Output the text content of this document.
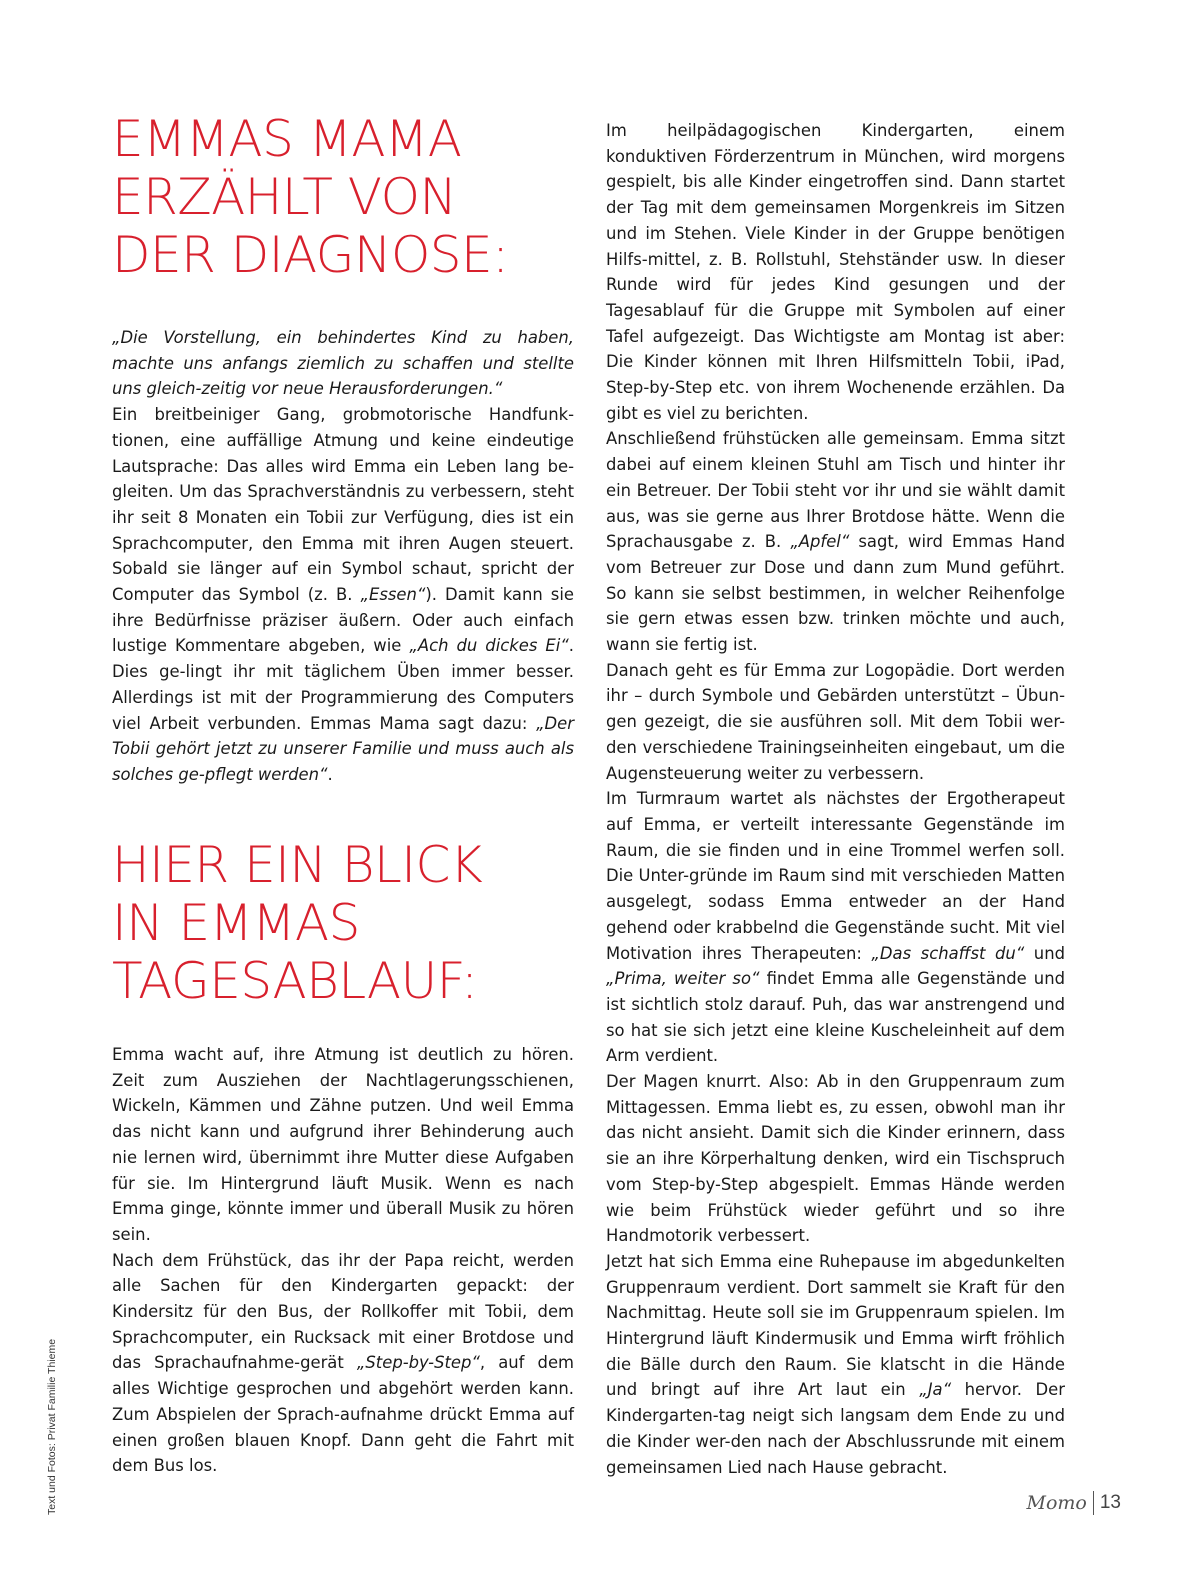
EMMAS MAMA
ERZÄHLT VON
DER DIAGNOSE:

„Die Vorstellung, ein behindertes Kind zu haben, machte uns anfangs ziemlich zu schaffen und stellte uns gleich-zeitig vor neue Herausforderungen.“

Ein breitbeiniger Gang, grobmotorische Handfunk-tionen, eine auffällige Atmung und keine eindeutige Lautsprache: Das alles wird Emma ein Leben lang be-gleiten. Um das Sprachverständnis zu verbessern, steht ihr seit 8 Monaten ein Tobii zur Verfügung, dies ist ein Sprachcomputer, den Emma mit ihren Augen steuert. Sobald sie länger auf ein Symbol schaut, spricht der Computer das Symbol (z. B. „Essen“). Damit kann sie ihre Bedürfnisse präziser äußern. Oder auch einfach lustige Kommentare abgeben, wie „Ach du dickes Ei“. Dies ge-lingt ihr mit täglichem Üben immer besser. Allerdings ist mit der Programmierung des Computers viel Arbeit verbunden. Emmas Mama sagt dazu: „Der Tobii gehört jetzt zu unserer Familie und muss auch als solches ge-pflegt werden“.

HIER EIN BLICK
IN EMMAS
TAGESABLAUF:

Emma wacht auf, ihre Atmung ist deutlich zu hören. Zeit zum Ausziehen der Nachtlagerungsschienen, Wickeln, Kämmen und Zähne putzen. Und weil Emma das nicht kann und aufgrund ihrer Behinderung auch nie lernen wird, übernimmt ihre Mutter diese Aufgaben für sie. Im Hintergrund läuft Musik. Wenn es nach Emma ginge, könnte immer und überall Musik zu hören sein.

Nach dem Frühstück, das ihr der Papa reicht, werden alle Sachen für den Kindergarten gepackt: der Kindersitz für den Bus, der Rollkoffer mit Tobii, dem Sprachcomputer, ein Rucksack mit einer Brotdose und das Sprachaufnahme-gerät „Step-by-Step“, auf dem alles Wichtige gesprochen und abgehört werden kann. Zum Abspielen der Sprach-aufnahme drückt Emma auf einen großen blauen Knopf. Dann geht die Fahrt mit dem Bus los.

Im heilpädagogischen Kindergarten, einem konduktiven Förderzentrum in München, wird morgens gespielt, bis alle Kinder eingetroffen sind. Dann startet der Tag mit dem gemeinsamen Morgenkreis im Sitzen und im Stehen. Viele Kinder in der Gruppe benötigen Hilfs-mittel, z. B. Rollstuhl, Stehständer usw. In dieser Runde wird für jedes Kind gesungen und der Tagesablauf für die Gruppe mit Symbolen auf einer Tafel aufgezeigt. Das Wichtigste am Montag ist aber: Die Kinder können mit Ihren Hilfsmitteln Tobii, iPad, Step-by-Step etc. von ihrem Wochenende erzählen. Da gibt es viel zu berichten.

Anschließend frühstücken alle gemeinsam. Emma sitzt dabei auf einem kleinen Stuhl am Tisch und hinter ihr ein Betreuer. Der Tobii steht vor ihr und sie wählt damit aus, was sie gerne aus Ihrer Brotdose hätte. Wenn die Sprachausgabe z. B. „Apfel“ sagt, wird Emmas Hand vom Betreuer zur Dose und dann zum Mund geführt. So kann sie selbst bestimmen, in welcher Reihenfolge sie gern etwas essen bzw. trinken möchte und auch, wann sie fertig ist.

Danach geht es für Emma zur Logopädie. Dort werden ihr – durch Symbole und Gebärden unterstützt – Übun-gen gezeigt, die sie ausführen soll. Mit dem Tobii wer-den verschiedene Trainingseinheiten eingebaut, um die Augensteuerung weiter zu verbessern.

Im Turmraum wartet als nächstes der Ergotherapeut auf Emma, er verteilt interessante Gegenstände im Raum, die sie finden und in eine Trommel werfen soll. Die Unter-gründe im Raum sind mit verschieden Matten ausgelegt, sodass Emma entweder an der Hand gehend oder krabbelnd die Gegenstände sucht. Mit viel Motivation ihres Therapeuten: „Das schaffst du“ und „Prima, weiter so“ findet Emma alle Gegenstände und ist sichtlich stolz darauf. Puh, das war anstrengend und so hat sie sich jetzt eine kleine Kuscheleinheit auf dem Arm verdient.

Der Magen knurrt. Also: Ab in den Gruppenraum zum Mittagessen. Emma liebt es, zu essen, obwohl man ihr das nicht ansieht. Damit sich die Kinder erinnern, dass sie an ihre Körperhaltung denken, wird ein Tischspruch vom Step-by-Step abgespielt. Emmas Hände werden wie beim Frühstück wieder geführt und so ihre Handmotorik verbessert.

Jetzt hat sich Emma eine Ruhepause im abgedunkelten Gruppenraum verdient. Dort sammelt sie Kraft für den Nachmittag. Heute soll sie im Gruppenraum spielen. Im Hintergrund läuft Kindermusik und Emma wirft fröhlich die Bälle durch den Raum. Sie klatscht in die Hände und bringt auf ihre Art laut ein „Ja“ hervor. Der Kindergarten-tag neigt sich langsam dem Ende zu und die Kinder wer-den nach der Abschlussrunde mit einem gemeinsamen Lied nach Hause gebracht.

Text und Fotos: Privat Familie Thieme	Momo 13
